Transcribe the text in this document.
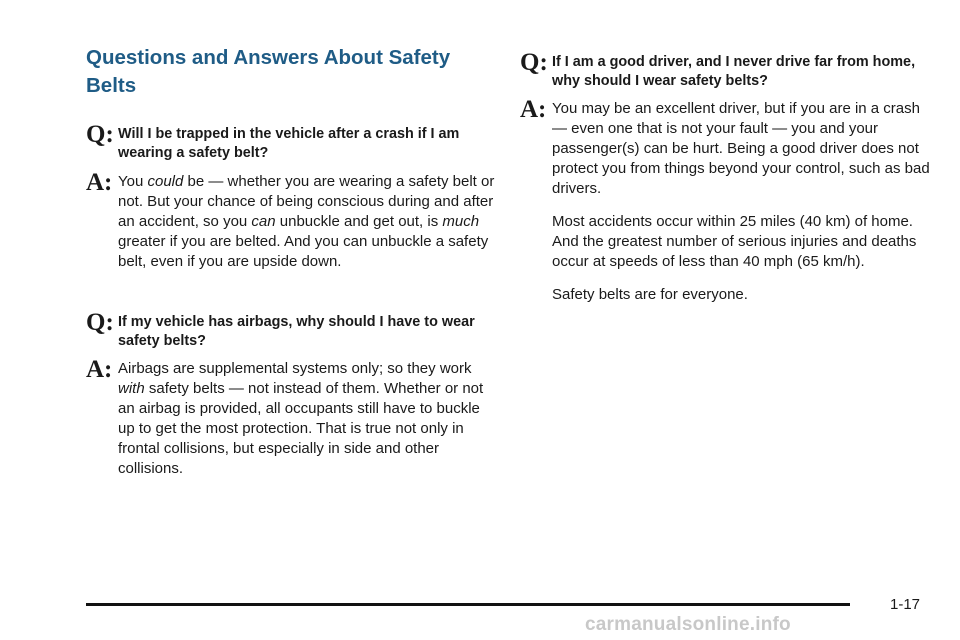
Questions and Answers About Safety Belts
Q: Will I be trapped in the vehicle after a crash if I am wearing a safety belt?
A: You could be — whether you are wearing a safety belt or not. But your chance of being conscious during and after an accident, so you can unbuckle and get out, is much greater if you are belted. And you can unbuckle a safety belt, even if you are upside down.
Q: If my vehicle has airbags, why should I have to wear safety belts?
A: Airbags are supplemental systems only; so they work with safety belts — not instead of them. Whether or not an airbag is provided, all occupants still have to buckle up to get the most protection. That is true not only in frontal collisions, but especially in side and other collisions.
Q: If I am a good driver, and I never drive far from home, why should I wear safety belts?
A: You may be an excellent driver, but if you are in a crash — even one that is not your fault — you and your passenger(s) can be hurt. Being a good driver does not protect you from things beyond your control, such as bad drivers.

Most accidents occur within 25 miles (40 km) of home. And the greatest number of serious injuries and deaths occur at speeds of less than 40 mph (65 km/h).

Safety belts are for everyone.

1-17
carmanualsonline.info
